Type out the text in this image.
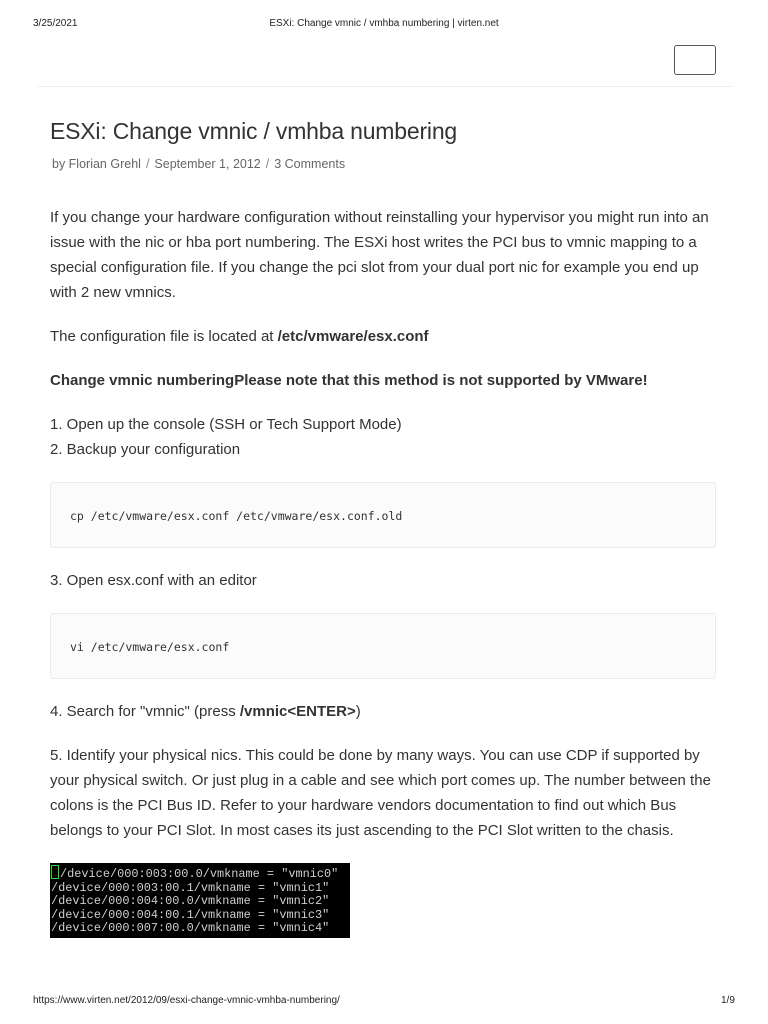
3/25/2021	ESXi: Change vmnic / vmhba numbering | virten.net
Virten.net
ESXi: Change vmnic / vmhba numbering
by Florian Grehl / September 1, 2012 / 3 Comments

If you change your hardware configuration without reinstalling your hypervisor you might run into an issue with the nic or hba port numbering. The ESXi host writes the PCI bus to vmnic mapping to a special configuration file. If you change the pci slot from your dual port nic for example you end up with 2 new vmnics.

The configuration file is located at /etc/vmware/esx.conf

Change vmnic numberingPlease note that this method is not supported by VMware!

1. Open up the console (SSH or Tech Support Mode)

2. Backup your configuration

cp /etc/vmware/esx.conf /etc/vmware/esx.conf.old

3. Open esx.conf with an editor

vi /etc/vmware/esx.conf

4. Search for "vmnic" (press /vmnic<ENTER>)

5. Identify your physical nics. This could be done by many ways. You can use CDP if supported by your physical switch. Or just plug in a cable and see which port comes up. The number between the colons is the PCI Bus ID. Refer to your hardware vendors documentation to find out which Bus belongs to your PCI Slot. In most cases its just ascending to the PCI Slot written to the chasis.

/device/000:003:00.0/vmkname = "vmnic0"
/device/000:003:00.1/vmkname = "vmnic1"
/device/000:004:00.0/vmkname = "vmnic2"
/device/000:004:00.1/vmkname = "vmnic3"
/device/000:007:00.0/vmkname = "vmnic4"
https://www.virten.net/2012/09/esxi-change-vmnic-vmhba-numbering/	1/9
